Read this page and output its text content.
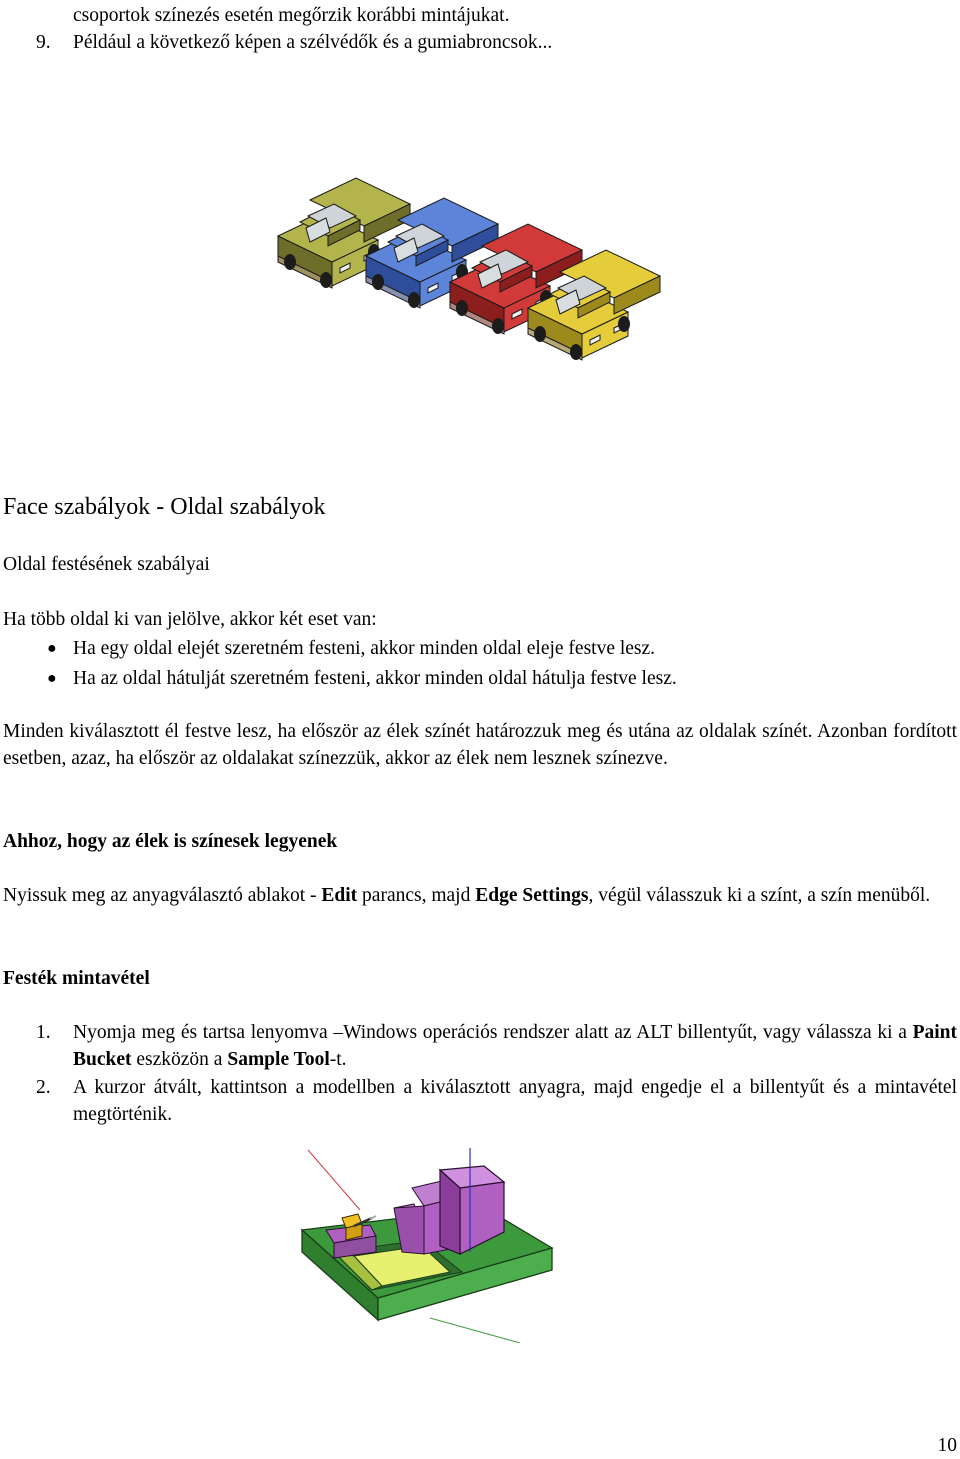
csoportok színezés esetén megőrzik korábbi mintájukat.
9. Például a következő képen a szélvédők és a gumiabroncsok...
Face szabályok - Oldal szabályok
Oldal festésének szabályai
Ha több oldal ki van jelölve, akkor két eset van:
● Ha egy oldal elejét szeretném festeni, akkor minden oldal eleje festve lesz.
● Ha az oldal hátulját szeretném festeni, akkor minden oldal hátulja festve lesz.
Minden kiválasztott él festve lesz, ha először az élek színét határozzuk meg és utána az oldalak színét. Azonban fordított esetben, azaz, ha először az oldalakat színezzük, akkor az élek nem lesznek színezve.
Ahhoz, hogy az élek is színesek legyenek
Nyissuk meg az anyagválasztó ablakot - Edit parancs, majd Edge Settings, végül válasszuk ki a színt, a szín menüből.
Festék mintavétel
1. Nyomja meg és tartsa lenyomva –Windows operációs rendszer alatt az ALT billentyűt, vagy válassza ki a Paint Bucket eszközön a Sample Tool-t.
2. A kurzor átvált, kattintson a modellben a kiválasztott anyagra, majd engedje el a billentyűt és a mintavétel megtörténik.
10
